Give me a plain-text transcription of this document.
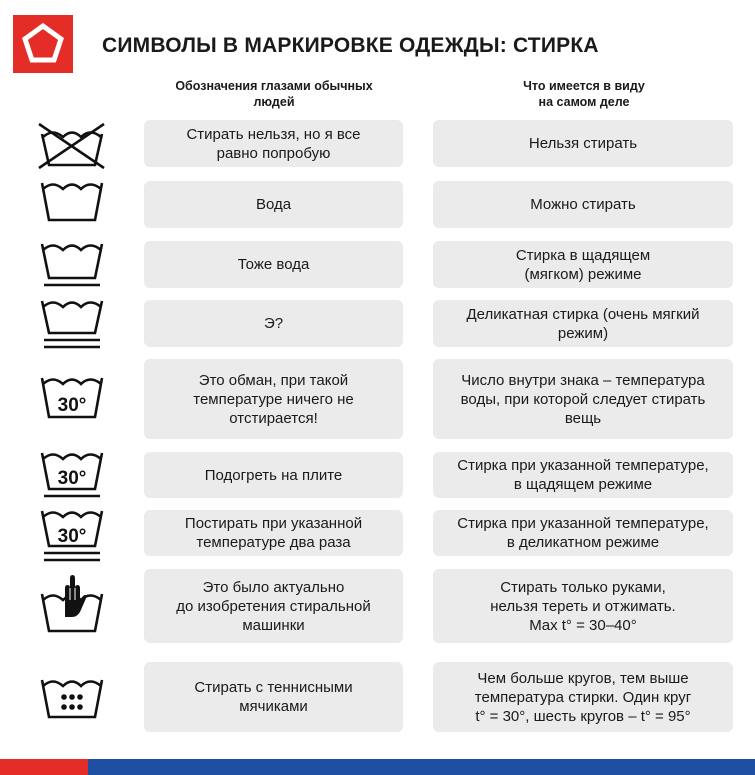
СИМВОЛЫ В МАРКИРОВКЕ ОДЕЖДЫ: СТИРКА
Обозначения глазами обычных
людей
Что имеется в виду
на самом деле
Стирать нельзя, но я все
равно попробую
Нельзя стирать
Вода	Можно стирать
Тоже вода
Стирка в щадящем
(мягком) режиме
Э?
Деликатная стирка (очень мягкий
режим)
30°
Это обман, при такой
температуре ничего не
отстирается!
Число внутри знака – температура
воды, при которой следует стирать
вещь
30°	Подогреть на плите
Стирка при указанной температуре,
в щадящем режиме
30°
Постирать при указанной
температуре два раза
Стирка при указанной температуре,
в деликатном режиме
Это было актуально
до изобретения стиральной
машинки
Стирать только руками,
нельзя тереть и отжимать.
Max t° = 30–40°
Стирать с теннисными
мячиками
Чем больше кругов, тем выше
температура стирки. Один круг
t° = 30°, шесть кругов – t° = 95°
